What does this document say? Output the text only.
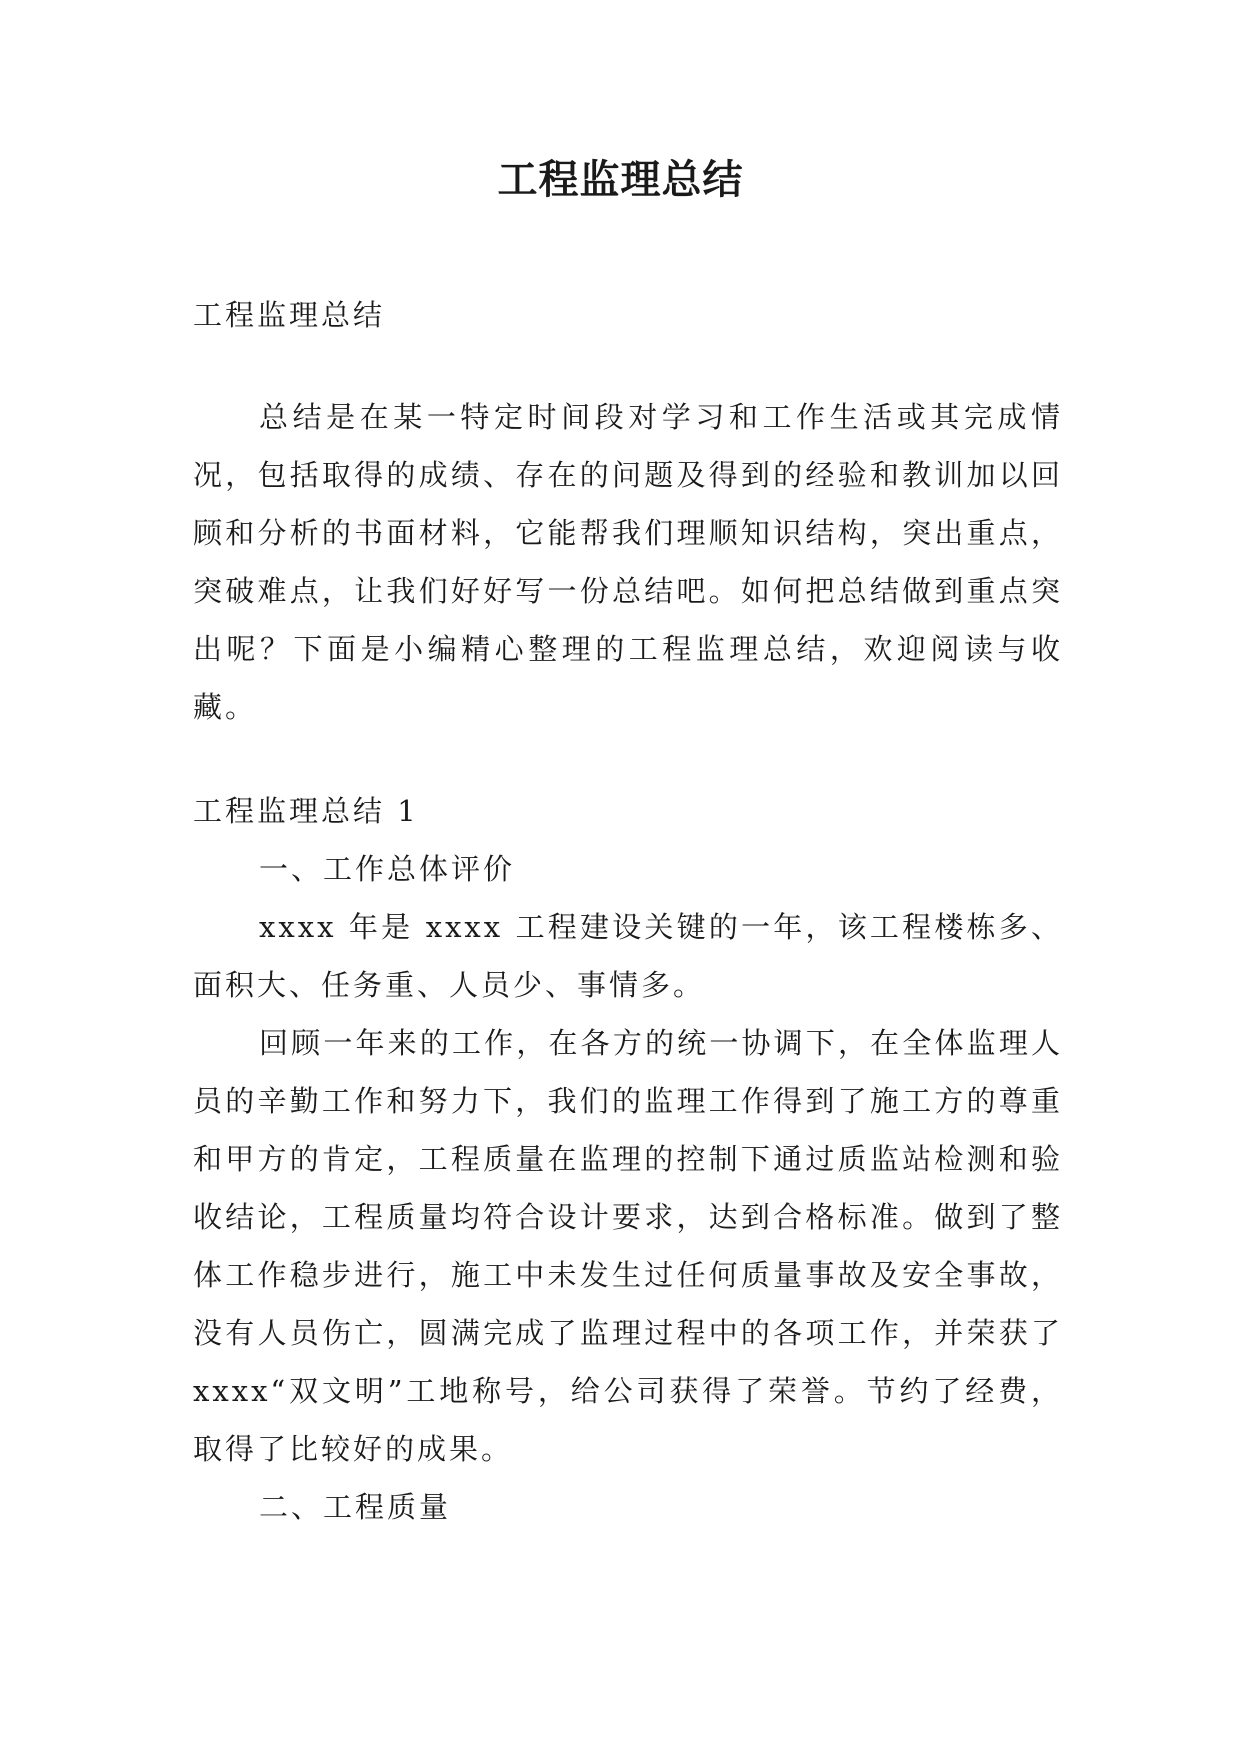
工程监理总结

工程监理总结

总结是在某一特定时间段对学习和工作生活或其完成情况，包括取得的成绩、存在的问题及得到的经验和教训加以回顾和分析的书面材料，它能帮我们理顺知识结构，突出重点，突破难点，让我们好好写一份总结吧。如何把总结做到重点突出呢？下面是小编精心整理的工程监理总结，欢迎阅读与收藏。

工程监理总结 1

一、工作总体评价

xxxx 年是 xxxx 工程建设关键的一年，该工程楼栋多、面积大、任务重、人员少、事情多。

回顾一年来的工作，在各方的统一协调下，在全体监理人员的辛勤工作和努力下，我们的监理工作得到了施工方的尊重和甲方的肯定，工程质量在监理的控制下通过质监站检测和验收结论，工程质量均符合设计要求，达到合格标准。做到了整体工作稳步进行，施工中未发生过任何质量事故及安全事故，没有人员伤亡，圆满完成了监理过程中的各项工作，并荣获了 xxxx“双文明”工地称号，给公司获得了荣誉。节约了经费，取得了比较好的成果。

二、工程质量
